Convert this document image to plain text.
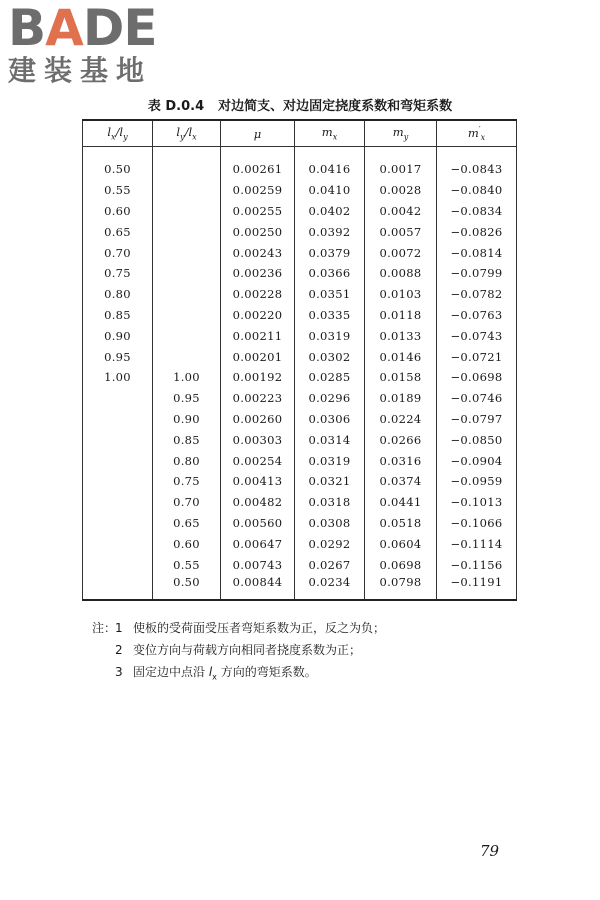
BADE
建装基地
表 D.0.4 对边简支、对边固定挠度系数和弯矩系数
$l_x/l_y$	$l_y/l_x$	μ	$m_x$	$m_y$	$m'_x$

0.50		0.00261	0.0416	0.0017	−0.0843
0.55		0.00259	0.0410	0.0028	−0.0840
0.60		0.00255	0.0402	0.0042	−0.0834
0.65		0.00250	0.0392	0.0057	−0.0826
0.70		0.00243	0.0379	0.0072	−0.0814
0.75		0.00236	0.0366	0.0088	−0.0799
0.80		0.00228	0.0351	0.0103	−0.0782
0.85		0.00220	0.0335	0.0118	−0.0763
0.90		0.00211	0.0319	0.0133	−0.0743
0.95		0.00201	0.0302	0.0146	−0.0721
1.00	1.00	0.00192	0.0285	0.0158	−0.0698
	0.95	0.00223	0.0296	0.0189	−0.0746
	0.90	0.00260	0.0306	0.0224	−0.0797
	0.85	0.00303	0.0314	0.0266	−0.0850
	0.80	0.00254	0.0319	0.0316	−0.0904
	0.75	0.00413	0.0321	0.0374	−0.0959
	0.70	0.00482	0.0318	0.0441	−0.1013
	0.65	0.00560	0.0308	0.0518	−0.1066
	0.60	0.00647	0.0292	0.0604	−0.1114
	0.55	0.00743	0.0267	0.0698	−0.1156
	0.50	0.00844	0.0234	0.0798	−0.1191
注：1 使板的受荷面受压者弯矩系数为正，反之为负；
2 变位方向与荷载方向相同者挠度系数为正；
3 固定边中点沿 $l_x$ 方向的弯矩系数。
79
